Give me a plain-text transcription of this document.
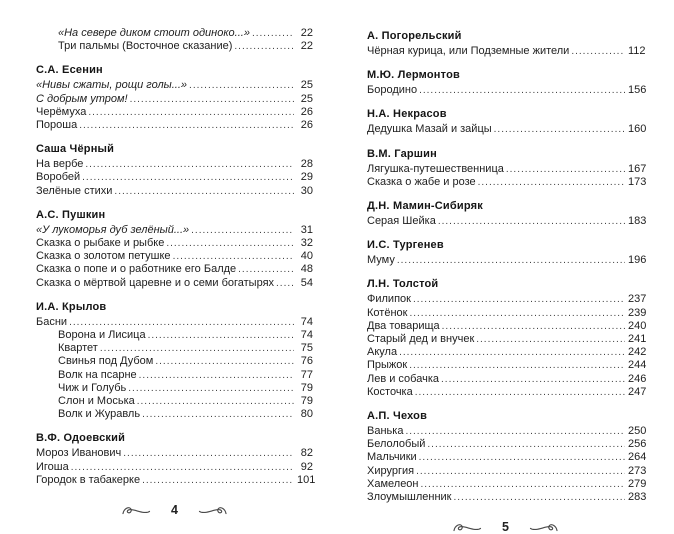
«На севере диком стоит одиноко...» .....	22
Три пальмы (Восточное сказание) .....	22
С.А. Есенин
«Нивы сжаты, рощи голы...» .....	25
С добрым утром! .....	25
Черёмуха .....	26
Пороша .....	26
Саша Чёрный
На вербе .....	28
Воробей .....	29
Зелёные стихи .....	30
А.С. Пушкин
«У лукоморья дуб зелёный...» .....	31
Сказка о рыбаке и рыбке .....	32
Сказка о золотом петушке .....	40
Сказка о попе и о работнике его Балде .....	48
Сказка о мёртвой царевне и о семи богатырях .....	54
И.А. Крылов
Басни .....	74
Ворона и Лисица .....	74
Квартет .....	75
Свинья под Дубом .....	76
Волк на псарне .....	77
Чиж и Голубь .....	79
Слон и Моська .....	79
Волк и Журавль .....	80
В.Ф. Одоевский
Мороз Иванович .....	82
Игоша .....	92
Городок в табакерке .....	101
4
А. Погорельский
Чёрная курица, или Подземные жители .....	112
М.Ю. Лермонтов
Бородино .....	156
Н.А. Некрасов
Дедушка Мазай и зайцы .....	160
В.М. Гаршин
Лягушка-путешественница .....	167
Сказка о жабе и розе .....	173
Д.Н. Мамин-Сибиряк
Серая Шейка .....	183
И.С. Тургенев
Муму .....	196
Л.Н. Толстой
Филипок .....	237
Котёнок .....	239
Два товарища .....	240
Старый дед и внучек .....	241
Акула .....	242
Прыжок .....	244
Лев и собачка .....	246
Косточка .....	247
А.П. Чехов
Ванька .....	250
Белолобый .....	256
Мальчики .....	264
Хирургия .....	273
Хамелеон .....	279
Злоумышленник .....	283
5
